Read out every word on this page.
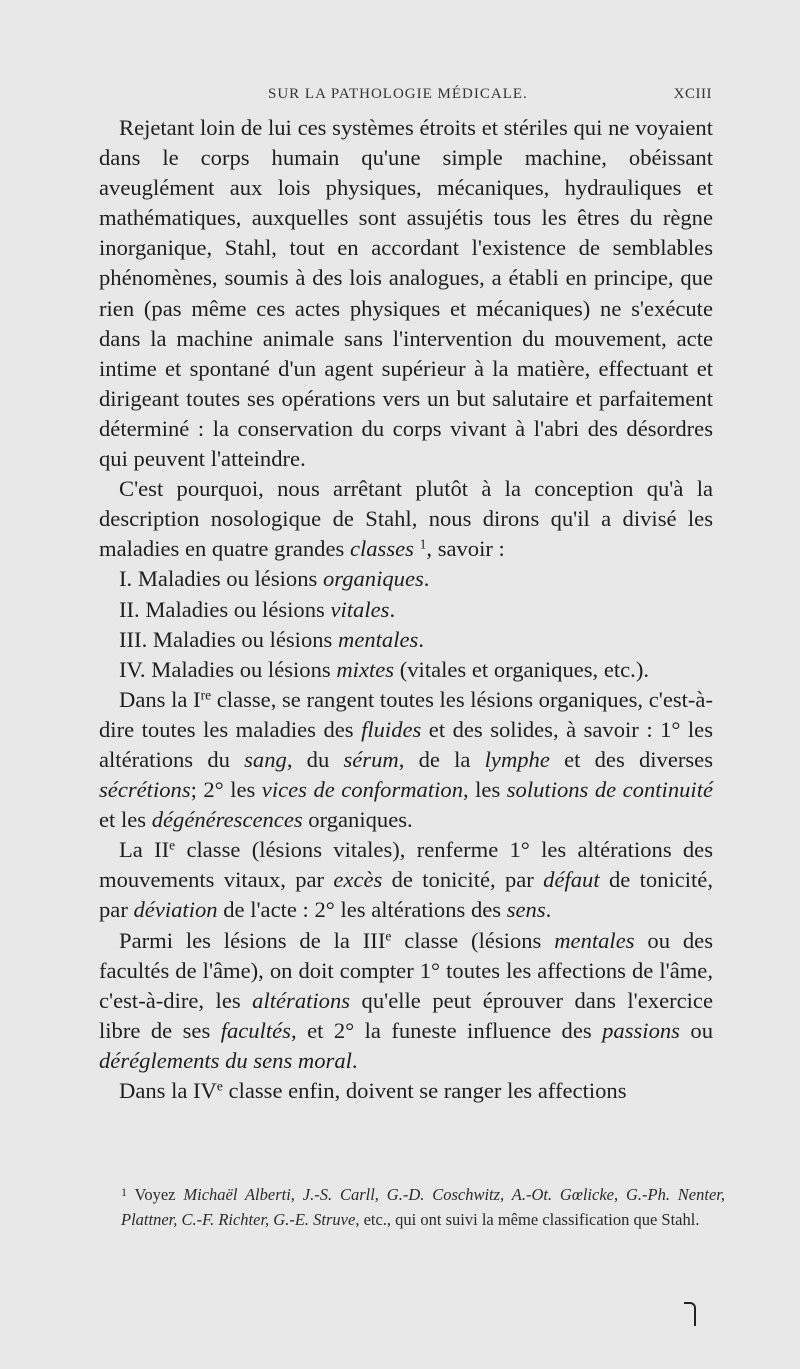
SUR LA PATHOLOGIE MÉDICALE.	XCIII

Rejetant loin de lui ces systèmes étroits et stériles qui ne voyaient dans le corps humain qu'une simple machine, obéissant aveuglément aux lois physiques, mécaniques, hydrauliques et mathématiques, auxquelles sont assujétis tous les êtres du règne inorganique, Stahl, tout en accordant l'existence de semblables phénomènes, soumis à des lois analogues, a établi en principe, que rien (pas même ces actes physiques et mécaniques) ne s'exécute dans la machine animale sans l'intervention du mouvement, acte intime et spontané d'un agent supérieur à la matière, effectuant et dirigeant toutes ses opérations vers un but salutaire et parfaitement déterminé : la conservation du corps vivant à l'abri des désordres qui peuvent l'atteindre.

C'est pourquoi, nous arrêtant plutôt à la conception qu'à la description nosologique de Stahl, nous dirons qu'il a divisé les maladies en quatre grandes classes $^1$, savoir :

I. Maladies ou lésions organiques.

II. Maladies ou lésions vitales.

III. Maladies ou lésions mentales.

IV. Maladies ou lésions mixtes (vitales et organiques, etc.).

Dans la Ire classe, se rangent toutes les lésions organiques, c'est-à-dire toutes les maladies des fluides et des solides, à savoir : 1° les altérations du sang, du sérum, de la lymphe et des diverses sécrétions; 2° les vices de conformation, les solutions de continuité et les dégénérescences organiques.

La IIe classe (lésions vitales), renferme 1° les altérations des mouvements vitaux, par excès de tonicité, par défaut de tonicité, par déviation de l'acte : 2° les altérations des sens.

Parmi les lésions de la IIIe classe (lésions mentales ou des facultés de l'âme), on doit compter 1° toutes les affections de l'âme, c'est-à-dire, les altérations qu'elle peut éprouver dans l'exercice libre de ses facultés, et 2° la funeste influence des passions ou déréglements du sens moral.

Dans la IVe classe enfin, doivent se ranger les affections

$^1$ Voyez Michaël Alberti, J.-S. Carll, G.-D. Coschwitz, A.-Ot. Gœlicke, G.-Ph. Nenter, Plattner, C.-F. Richter, G.-E. Struve, etc., qui ont suivi la même classification que Stahl.
